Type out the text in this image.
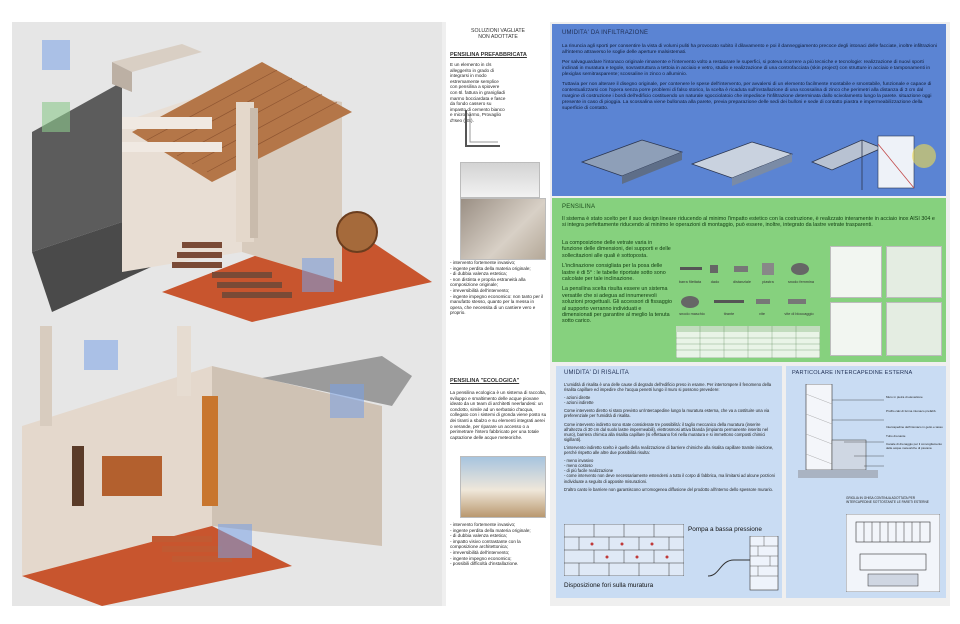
SOLUZIONI VAGLIATE
NON ADOTTATE
PENSILINA PREFABBRICATA
E un elemento in cls alleggerito in grado di integrarsi in modo estremamente semplice con pensilina a spiovere con 6l. fattura in granigliadi marmo bocciardata e fasce da fondo cassero su impasto di cemento bianco e micromarmo, Provaglio d'Iseo (BS).
- intervento fortemente invasivo;
- ingente perdita della materia originale;
- di dubbia valenza estetica;
- non distinta e propria estraneità alla composizione originale;
- irreversibilità dell'intervento;
- ingente impegno economico: non tanto per il manufatto stesso, quanto per la messa in opera, che necessita di un cantiere vero e proprio.
PENSILINA "ECOLOGICA"
La pensilina ecologica è un sistema di raccolta, sviluppo e smaltimento delle acque piovane ideato da un team di architetti neerlandesi: un condotto, simile ad un serbatoio d'acqua, collegato con i sistemi di gronda viene posto su dei tiranti a sbalzo e su elementi integrati aerei o verande, per riparare un accesso o a perimetrare l'intero fabbricato per una totale captazione delle acque meteoriche.
- intervento fortemente invasivo;
- ingente perdita della materia originale;
- di dubbia valenza estetica;
- impatto visivo contrastante con la composizione architettonica;
- irreversibilità dell'intervento;
- ingente impegno economico;
- possibili difficoltà d'installazione.
UMIDITA' DA INFILTRAZIONE

La rinuncia agli sporti per consentire la vista di volumi puliti ha provocato subito il dilavamento e poi il danneggiamento precoce degli intonaci delle facciate, inoltre infiltrazioni all'interno attraverso le soglie delle aperture malsistemati.

Per salvaguardare l'intonaco originale rimanente e l'intervento volto a restaurare le superfici, si poteva ricorrere a più tecniche e tecnologie: realizzazione di nuovi sporti inclinati in muratura e tegole, sovrastruttura a tettoia in acciaio e vetro, studio e realizzazione di una controfacciata (skin project) con strutture in acciaio e tamponamenti in plexiglas semitrasparente; scossaline in zinco o alluminio.

Tuttavia per non alterare il disegno originale, per contenere le spese dell'intervento, per avvalersi di un elemento facilmente montabile e smontabile, funzionale e capace di contestualizzarsi con l'opera senza porre problemi di falso storico, la scelta è ricaduta sull'installazione di una scossalina di zinco che perimetri alla distanza di 3 cm dal margine di costruzione i bordi dell'edificio costituendo un naturale sgocciolatoio che impedisce l'infiltrazione determinata dallo scivolamento lungo la parete. situazione oggi presente in caso di pioggia. La scossalina viene bullonata alla parete, previa preparazione delle sedi dei bulloni e sede di contatto piastra e impermeabilizzazione della superficie di contatto.

PENSILINA
Il sistema è stato scelto per il suo design lineare riducendo al minimo l'impatto estetico con la costruzione, è realizzato interamente in acciaio inox AISI 304 e si integra perfettamente riducendo al minimo le operazioni di montaggio, può essere, inoltre, integrato da lastre vetrate trasparenti.

La composizione delle vetrate varia in funzione delle dimensioni, dei supporti e delle sollecitazioni alle quali è sottoposta.

L'inclinazione consigliata per la posa delle lastre è di 5° : le tabelle riportate sotto sono calcolate per tale inclinazione.

La pensilina scelta risulta essere un sistema versatile che si adegua ad innumerevoli soluzioni progettuali. Gli accessori di fissaggio al supporto verranno individuati e dimensionati per garantire al meglio la tenuta sotto carico.

barra filettata	dado	distanziale	piastra	snodo femmina
snodo maschio	tirante	vite	vite di bloccaggio
UMIDITA' DI RISALITA

L'umidità di risalita è una delle cause di degrado dell'edificio preso in esame. Per interrompere il fenomeno della risalita capillare ed impedire che l'acqua penetri lungo il muro si possono prevedere:

- azioni dirette
- azioni indirette

Come intervento diretto si stato previsto un'intercapedine lungo la muratura esterna, che va a costituire una via preferenziale per l'umidità di risalita.

Come intervento indiretto sono state considerate tre possibilità: il taglio meccanico della muratura (inserire all'altezza di 30 cm dal suolo lastre impermeabili), elettrosmosi attiva blanda (impianto permanente inserito nel muro), barriera chimica alla risalita capillare (si effettuano fori nella muratura e si immettono composti chimici sigillanti).

L'intervento indiretto scelto è quello della realizzazione di barriere chimiche alla risalita capillare tramite iniezione, perché rispetto alle altre due possibilità risulta:

- meno invasivo
- meno costoso
- di più facile realizzazione
- come intervento non deve necessariamente estendersi a tutto il corpo di fabbrica, ma limitarsi ad alcune porzioni individuate a seguito di apposite misurazioni.

D'altro canto le barriere non garantiscono un'omogenea diffusione del prodotto all'interno dello spessore murario.

Disposizione fori sulla muratura
Pompa a bassa pressione
PARTICOLARE INTERCAPEDINE ESTERNA
Muro in pietra di elevazione
Profilo calc.di ferma intonaco prefabb.
Intercapedine dell'intonaco in getto e tasso
Tubo drenante
Canale di drenaggio per il convogliamento delle acque meteoriche di piovana
GRIGLIA IN GHISA CONTINUA ADOTTATA PER INTERCAPEDINE SOTTOSTANTE LE PARETI ESTERNE
